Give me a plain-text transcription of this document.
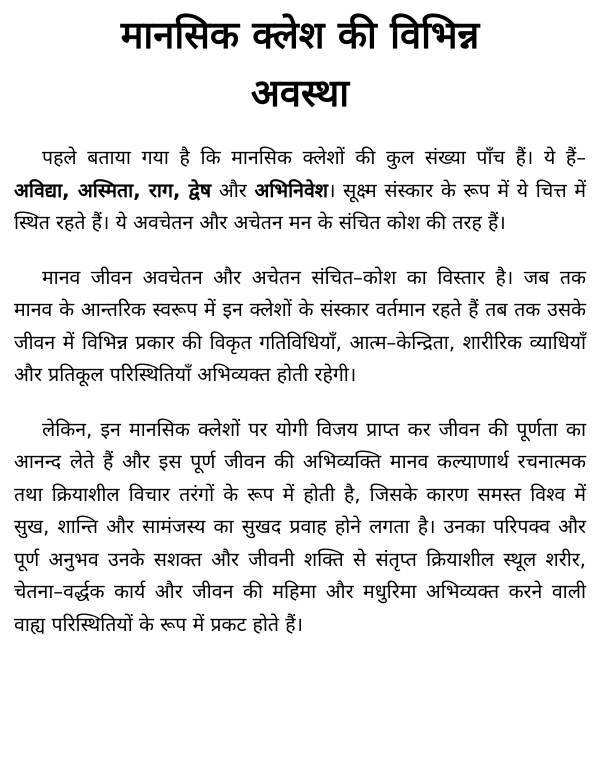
मानसिक क्लेश की विभिन्न
अवस्था

पहले बताया गया है कि मानसिक क्लेशों की कुल संख्या पाँच हैं। ये हैं– अविद्या, अस्मिता, राग, द्वेष और अभिनिवेश। सूक्ष्म संस्कार के रूप में ये चित्त में स्थित रहते हैं। ये अवचेतन और अचेतन मन के संचित कोश की तरह हैं।

मानव जीवन अवचेतन और अचेतन संचित–कोश का विस्तार है। जब तक मानव के आन्तरिक स्वरूप में इन क्लेशों के संस्कार वर्तमान रहते हैं तब तक उसके जीवन में विभिन्न प्रकार की विकृत गतिविधियाँ, आत्म–केन्द्रिता, शारीरिक व्याधियाँ और प्रतिकूल परिस्थितियाँ अभिव्यक्त होती रहेगी।

लेकिन, इन मानसिक क्लेशों पर योगी विजय प्राप्त कर जीवन की पूर्णता का आनन्द लेते हैं और इस पूर्ण जीवन की अभिव्यक्ति मानव कल्याणार्थ रचनात्मक तथा क्रियाशील विचार तरंगों के रूप में होती है, जिसके कारण समस्त विश्व में सुख, शान्ति और सामंजस्य का सुखद प्रवाह होने लगता है। उनका परिपक्व और पूर्ण अनुभव उनके सशक्त और जीवनी शक्ति से संतृप्त क्रियाशील स्थूल शरीर, चेतना–वर्द्धक कार्य और जीवन की महिमा और मधुरिमा अभिव्यक्त करने वाली वाह्य परिस्थितियों के रूप में प्रकट होते हैं।
